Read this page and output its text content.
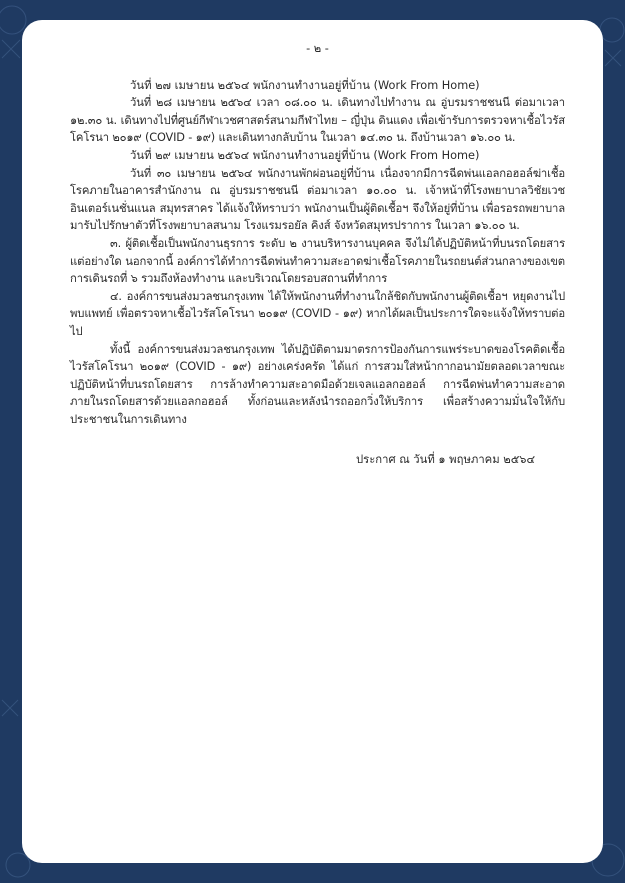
- ๒ -

วันที่ ๒๗ เมษายน ๒๕๖๔ พนักงานทำงานอยู่ที่บ้าน (Work From Home)

วันที่ ๒๘ เมษายน ๒๕๖๔ เวลา ๐๘.๐๐ น. เดินทางไปทำงาน ณ อู่บรมราชชนนี ต่อมาเวลา ๑๒.๓๐ น. เดินทางไปที่ศูนย์กีฬาเวชศาสตร์สนามกีฬาไทย – ญี่ปุ่น ดินแดง เพื่อเข้ารับการตรวจหาเชื้อไวรัสโคโรนา ๒๐๑๙ (COVID - ๑๙) และเดินทางกลับบ้าน ในเวลา ๑๔.๓๐ น. ถึงบ้านเวลา ๑๖.๐๐ น.

วันที่ ๒๙ เมษายน ๒๕๖๔ พนักงานทำงานอยู่ที่บ้าน (Work From Home)

วันที่ ๓๐ เมษายน ๒๕๖๔ พนักงานพักผ่อนอยู่ที่บ้าน เนื่องจากมีการฉีดพ่นแอลกอฮอล์ฆ่าเชื้อโรคภายในอาคารสำนักงาน ณ อู่บรมราชชนนี ต่อมาเวลา ๑๐.๐๐ น. เจ้าหน้าที่โรงพยาบาลวิชัยเวชอินเตอร์เนชั่นแนล สมุทรสาคร ได้แจ้งให้ทราบว่า พนักงานเป็นผู้ติดเชื้อฯ จึงให้อยู่ที่บ้าน เพื่อรอรถพยาบาลมารับไปรักษาตัวที่โรงพยาบาลสนาม โรงแรมรอยัล คิงส์ จังหวัดสมุทรปราการ ในเวลา ๑๖.๐๐ น.

๓. ผู้ติดเชื้อเป็นพนักงานธุรการ ระดับ ๒ งานบริหารงานบุคคล จึงไม่ได้ปฏิบัติหน้าที่บนรถโดยสารแต่อย่างใด นอกจากนี้ องค์การได้ทำการฉีดพ่นทำความสะอาดฆ่าเชื้อโรคภายในรถยนต์ส่วนกลางของเขตการเดินรถที่ ๖ รวมถึงห้องทำงาน และบริเวณโดยรอบสถานที่ทำการ

๔. องค์การขนส่งมวลชนกรุงเทพ ได้ให้พนักงานที่ทำงานใกล้ชิดกับพนักงานผู้ติดเชื้อฯ หยุดงานไปพบแพทย์ เพื่อตรวจหาเชื้อไวรัสโคโรนา ๒๐๑๙ (COVID - ๑๙) หากได้ผลเป็นประการใดจะแจ้งให้ทราบต่อไป

ทั้งนี้ องค์การขนส่งมวลชนกรุงเทพ ได้ปฏิบัติตามมาตรการป้องกันการแพร่ระบาดของโรคติดเชื้อไวรัสโคโรนา ๒๐๑๙ (COVID - ๑๙) อย่างเคร่งครัด ได้แก่ การสวมใส่หน้ากากอนามัยตลอดเวลาขณะปฏิบัติหน้าที่บนรถโดยสาร การล้างทำความสะอาดมือด้วยเจลแอลกอฮอล์ การฉีดพ่นทำความสะอาดภายในรถโดยสารด้วยแอลกอฮอล์ ทั้งก่อนและหลังนำรถออกวิ่งให้บริการ เพื่อสร้างความมั่นใจให้กับประชาชนในการเดินทาง

ประกาศ ณ วันที่ ๑ พฤษภาคม ๒๕๖๔
